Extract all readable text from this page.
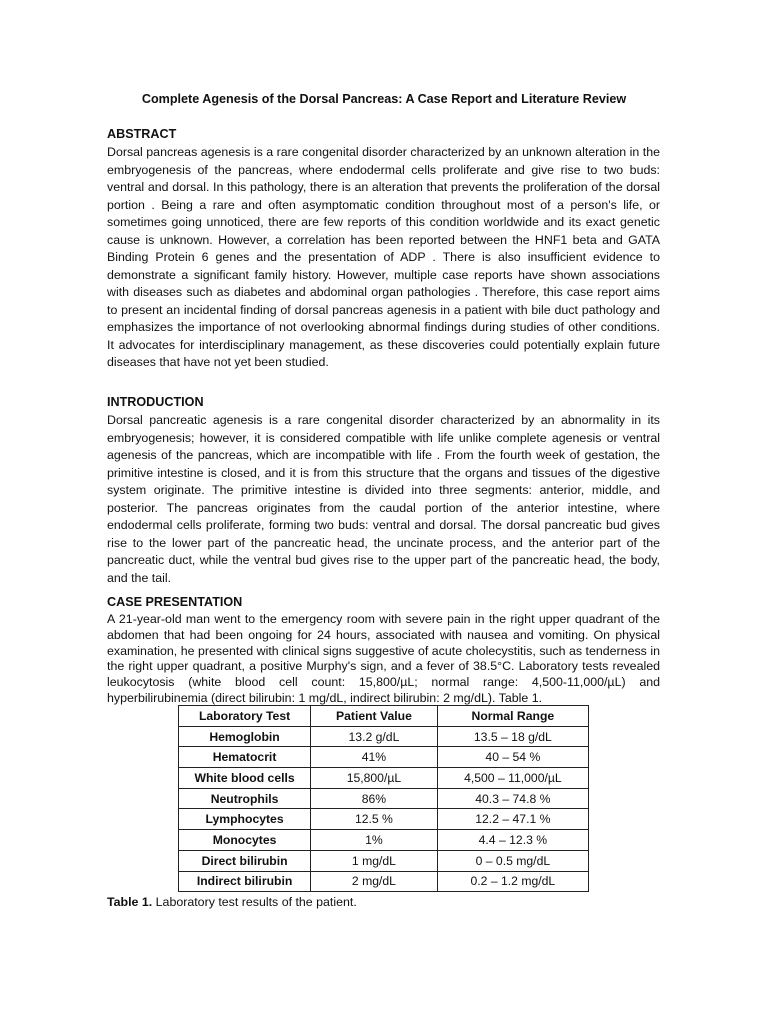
Complete Agenesis of the Dorsal Pancreas: A Case Report and Literature Review
ABSTRACT

Dorsal pancreas agenesis is a rare congenital disorder characterized by an unknown alteration in the embryogenesis of the pancreas, where endodermal cells proliferate and give rise to two buds: ventral and dorsal. In this pathology, there is an alteration that prevents the proliferation of the dorsal portion . Being a rare and often asymptomatic condition throughout most of a person's life, or sometimes going unnoticed, there are few reports of this condition worldwide and its exact genetic cause is unknown. However, a correlation has been reported between the HNF1 beta and GATA Binding Protein 6 genes and the presentation of ADP . There is also insufficient evidence to demonstrate a significant family history. However, multiple case reports have shown associations with diseases such as diabetes and abdominal organ pathologies . Therefore, this case report aims to present an incidental finding of dorsal pancreas agenesis in a patient with bile duct pathology and emphasizes the importance of not overlooking abnormal findings during studies of other conditions. It advocates for interdisciplinary management, as these discoveries could potentially explain future diseases that have not yet been studied.

INTRODUCTION

Dorsal pancreatic agenesis is a rare congenital disorder characterized by an abnormality in its embryogenesis; however, it is considered compatible with life unlike complete agenesis or ventral agenesis of the pancreas, which are incompatible with life . From the fourth week of gestation, the primitive intestine is closed, and it is from this structure that the organs and tissues of the digestive system originate. The primitive intestine is divided into three segments: anterior, middle, and posterior. The pancreas originates from the caudal portion of the anterior intestine, where endodermal cells proliferate, forming two buds: ventral and dorsal. The dorsal pancreatic bud gives rise to the lower part of the pancreatic head, the uncinate process, and the anterior part of the pancreatic duct, while the ventral bud gives rise to the upper part of the pancreatic head, the body, and the tail.

CASE PRESENTATION

A 21-year-old man went to the emergency room with severe pain in the right upper quadrant of the abdomen that had been ongoing for 24 hours, associated with nausea and vomiting. On physical examination, he presented with clinical signs suggestive of acute cholecystitis, such as tenderness in the right upper quadrant, a positive Murphy's sign, and a fever of 38.5°C. Laboratory tests revealed leukocytosis (white blood cell count: 15,800/µL; normal range: 4,500-11,000/µL) and hyperbilirubinemia (direct bilirubin: 1 mg/dL, indirect bilirubin: 2 mg/dL). Table 1.

Laboratory Test	Patient Value	Normal Range
Hemoglobin	13.2 g/dL	13.5 – 18 g/dL
Hematocrit	41%	40 – 54 %
White blood cells	15,800/µL	4,500 – 11,000/µL
Neutrophils	86%	40.3 – 74.8 %
Lymphocytes	12.5 %	12.2 – 47.1 %
Monocytes	1%	4.4 – 12.3 %
Direct bilirubin	1 mg/dL	0 – 0.5 mg/dL
Indirect bilirubin	2 mg/dL	0.2 – 1.2 mg/dL
Table 1. Laboratory test results of the patient.
